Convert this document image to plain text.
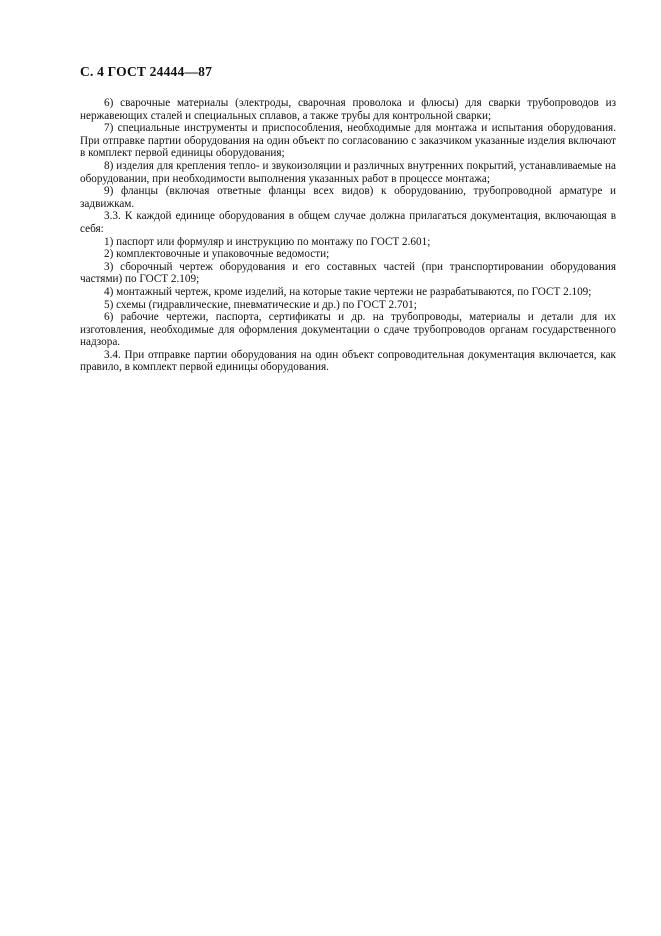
С. 4 ГОСТ 24444—87

6) сварочные материалы (электроды, сварочная проволока и флюсы) для сварки трубопроводов из нержавеющих сталей и специальных сплавов, а также трубы для контрольной сварки;

7) специальные инструменты и приспособления, необходимые для монтажа и испытания оборудования. При отправке партии оборудования на один объект по согласованию с заказчиком указанные изделия включают в комплект первой единицы оборудования;

8) изделия для крепления тепло- и звукоизоляции и различных внутренних покрытий, устанавливаемые на оборудовании, при необходимости выполнения указанных работ в процессе монтажа;

9) фланцы (включая ответные фланцы всех видов) к оборудованию, трубопроводной арматуре и задвижкам.

3.3. К каждой единице оборудования в общем случае должна прилагаться документация, включающая в себя:

1) паспорт или формуляр и инструкцию по монтажу по ГОСТ 2.601;

2) комплектовочные и упаковочные ведомости;

3) сборочный чертеж оборудования и его составных частей (при транспортировании оборудования частями) по ГОСТ 2.109;

4) монтажный чертеж, кроме изделий, на которые такие чертежи не разрабатываются, по ГОСТ 2.109;

5) схемы (гидравлические, пневматические и др.) по ГОСТ 2.701;

6) рабочие чертежи, паспорта, сертификаты и др. на трубопроводы, материалы и детали для их изготовления, необходимые для оформления документации о сдаче трубопроводов органам государственного надзора.

3.4. При отправке партии оборудования на один объект сопроводительная документация включается, как правило, в комплект первой единицы оборудования.
